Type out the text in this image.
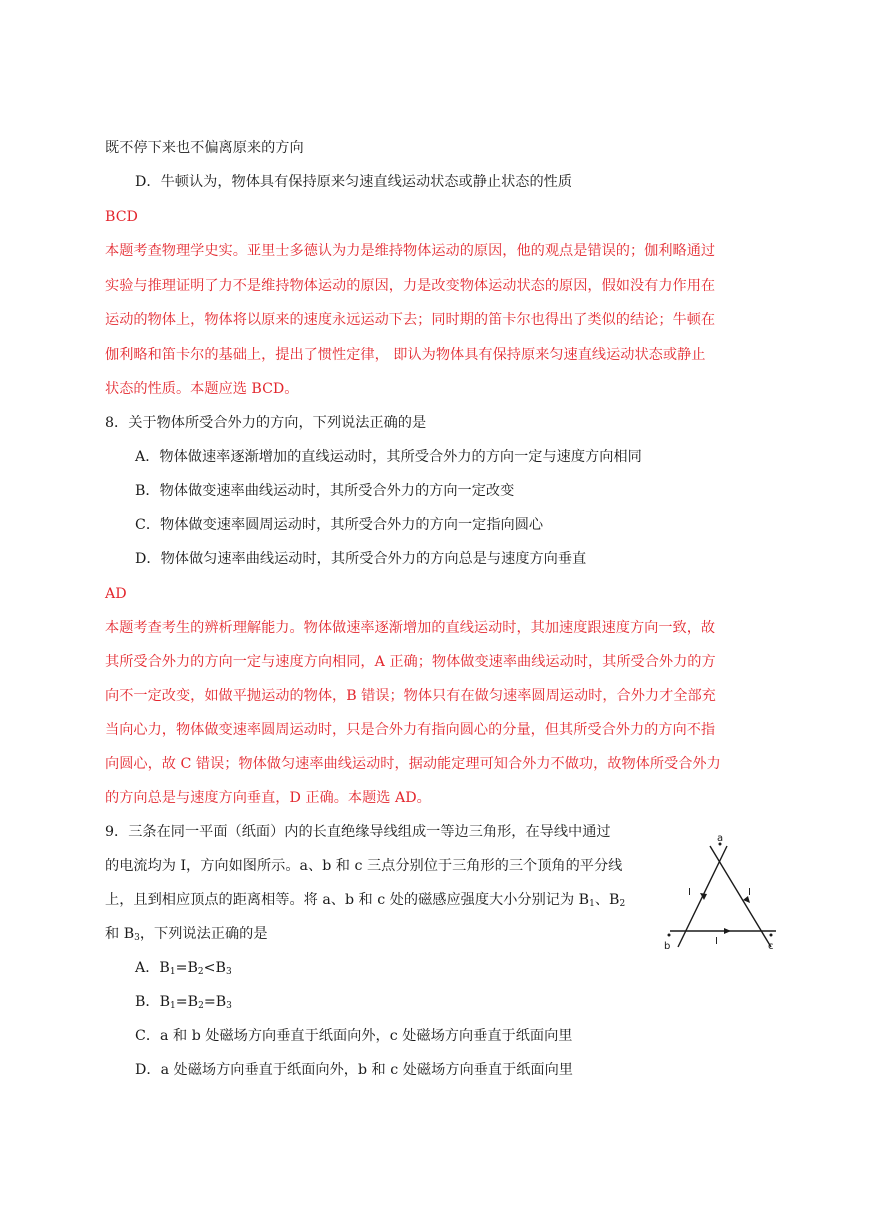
既不停下来也不偏离原来的方向
D．牛顿认为，物体具有保持原来匀速直线运动状态或静止状态的性质
BCD
本题考查物理学史实。亚里士多德认为力是维持物体运动的原因，他的观点是错误的；伽利略通过
实验与推理证明了力不是维持物体运动的原因，力是改变物体运动状态的原因，假如没有力作用在
运动的物体上，物体将以原来的速度永远运动下去；同时期的笛卡尔也得出了类似的结论；牛顿在
伽利略和笛卡尔的基础上，提出了惯性定律， 即认为物体具有保持原来匀速直线运动状态或静止
状态的性质。本题应选 BCD。
8．关于物体所受合外力的方向，下列说法正确的是
A．物体做速率逐渐增加的直线运动时，其所受合外力的方向一定与速度方向相同
B．物体做变速率曲线运动时，其所受合外力的方向一定改变
C．物体做变速率圆周运动时，其所受合外力的方向一定指向圆心
D．物体做匀速率曲线运动时，其所受合外力的方向总是与速度方向垂直
AD
本题考查考生的辨析理解能力。物体做速率逐渐增加的直线运动时，其加速度跟速度方向一致，故
其所受合外力的方向一定与速度方向相同，A 正确；物体做变速率曲线运动时，其所受合外力的方
向不一定改变，如做平抛运动的物体，B 错误；物体只有在做匀速率圆周运动时，合外力才全部充
当向心力，物体做变速率圆周运动时，只是合外力有指向圆心的分量，但其所受合外力的方向不指
向圆心，故 C 错误；物体做匀速率曲线运动时，据动能定理可知合外力不做功，故物体所受合外力
的方向总是与速度方向垂直，D 正确。本题选 AD。
9．三条在同一平面（纸面）内的长直绝缘导线组成一等边三角形，在导线中通过
的电流均为 I，方向如图所示。a、b 和 c 三点分别位于三角形的三个顶角的平分线
上，且到相应顶点的距离相等。将 a、b 和 c 处的磁感应强度大小分别记为 $B_1$、$B_2$
和 $B_3$，下列说法正确的是
A．$B_1=B_2<B_3$
B．$B_1=B_2=B_3$
C．a 和 b 处磁场方向垂直于纸面向外，c 处磁场方向垂直于纸面向里
D．a 处磁场方向垂直于纸面向外，b 和 c 处磁场方向垂直于纸面向里
a
b	c
I	I
I
